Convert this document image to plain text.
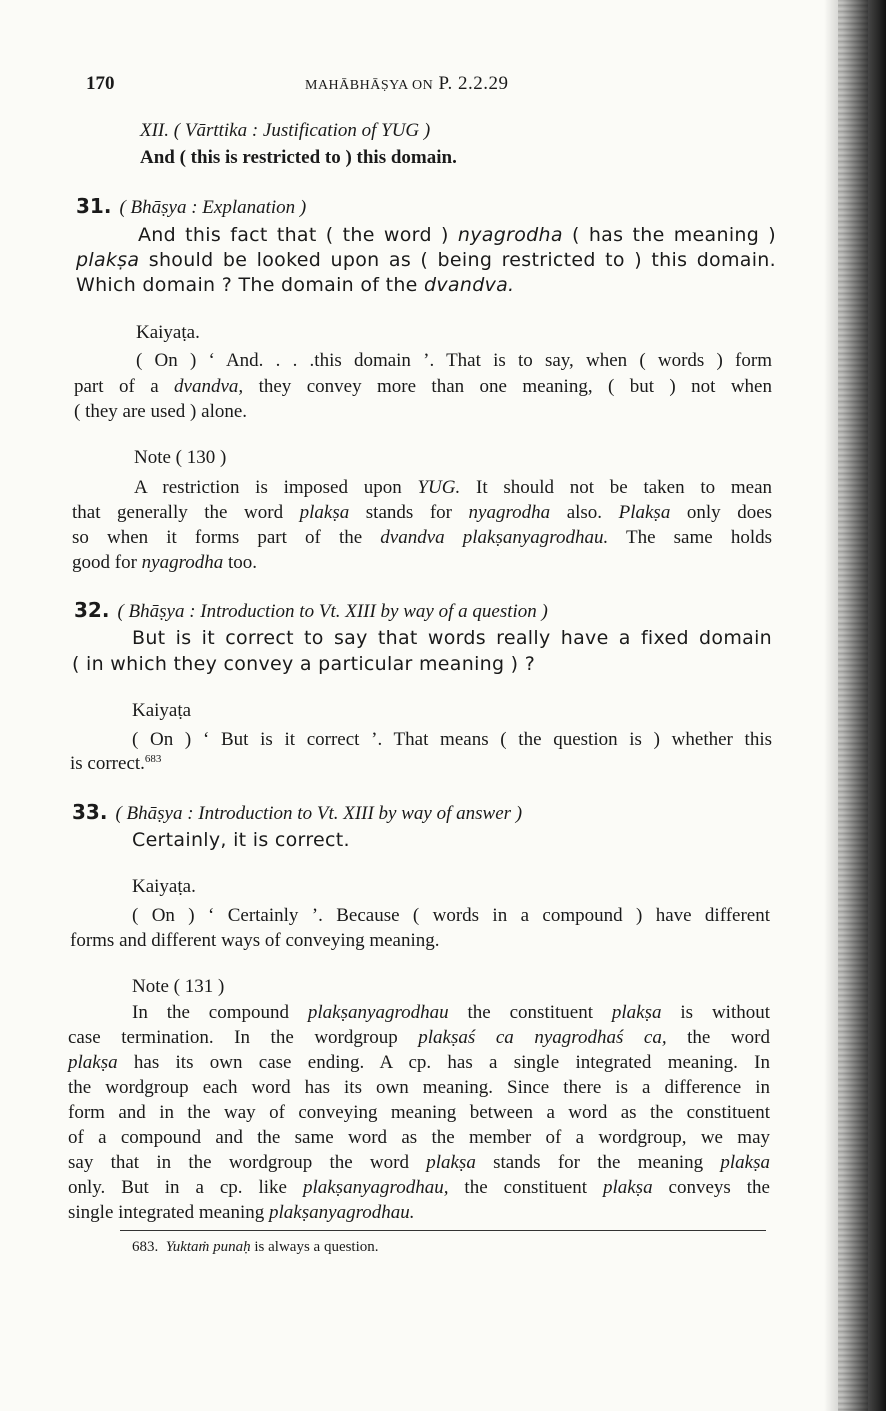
170	MAHĀBHĀṢYA ON P. 2.2.29
XII. ( Vārttika : Justification of YUG )
And ( this is restricted to ) this domain.
31. ( Bhāṣya : Explanation )
And this fact that ( the word ) nyagrodha ( has the meaning )
plakṣa should be looked upon as ( being restricted to ) this domain.
Which domain ? The domain of the dvandva.
Kaiyaṭa.
( On ) ‘ And. . . .this domain ’. That is to say, when ( words ) form
part of a dvandva, they convey more than one meaning, ( but ) not when
( they are used ) alone.
Note ( 130 )
A restriction is imposed upon YUG. It should not be taken to mean
that generally the word plakṣa stands for nyagrodha also. Plakṣa only does
so when it forms part of the dvandva plakṣanyagrodhau. The same holds
good for nyagrodha too.
32. ( Bhāṣya : Introduction to Vt. XIII by way of a question )
But is it correct to say that words really have a fixed domain
( in which they convey a particular meaning ) ?
Kaiyaṭa
( On ) ‘ But is it correct ’. That means ( the question is ) whether this
is correct.$^{683}$
33. ( Bhāṣya : Introduction to Vt. XIII by way of answer )
Certainly, it is correct.
Kaiyaṭa.
( On ) ‘ Certainly ’. Because ( words in a compound ) have different
forms and different ways of conveying meaning.
Note ( 131 )
In the compound plakṣanyagrodhau the constituent plakṣa is without
case termination. In the wordgroup plakṣaś ca nyagrodhaś ca, the word
plakṣa has its own case ending. A cp. has a single integrated meaning. In
the wordgroup each word has its own meaning. Since there is a difference in
form and in the way of conveying meaning between a word as the constituent
of a compound and the same word as the member of a wordgroup, we may
say that in the wordgroup the word plakṣa stands for the meaning plakṣa
only. But in a cp. like plakṣanyagrodhau, the constituent plakṣa conveys the
single integrated meaning plakṣanyagrodhau.
683. Yuktaṁ punaḥ is always a question.
